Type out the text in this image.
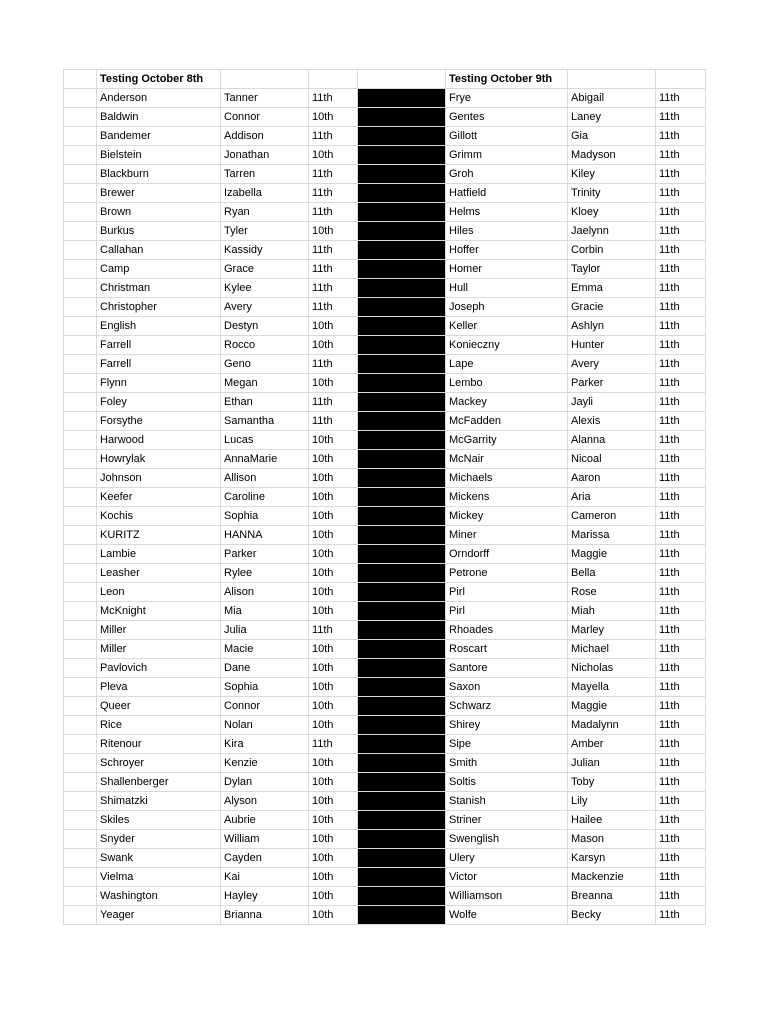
	Testing October 8th				Testing October 9th		
	Anderson	Tanner	11th		Frye	Abigail	11th
	Baldwin	Connor	10th		Gentes	Laney	11th
	Bandemer	Addison	11th		Gillott	Gia	11th
	Bielstein	Jonathan	10th		Grimm	Madyson	11th
	Blackburn	Tarren	11th		Groh	Kiley	11th
	Brewer	Izabella	11th		Hatfield	Trinity	11th
	Brown	Ryan	11th		Helms	Kloey	11th
	Burkus	Tyler	10th		Hiles	Jaelynn	11th
	Callahan	Kassidy	11th		Hoffer	Corbin	11th
	Camp	Grace	11th		Homer	Taylor	11th
	Christman	Kylee	11th		Hull	Emma	11th
	Christopher	Avery	11th		Joseph	Gracie	11th
	English	Destyn	10th		Keller	Ashlyn	11th
	Farrell	Rocco	10th		Konieczny	Hunter	11th
	Farrell	Geno	11th		Lape	Avery	11th
	Flynn	Megan	10th		Lembo	Parker	11th
	Foley	Ethan	11th		Mackey	Jayli	11th
	Forsythe	Samantha	11th		McFadden	Alexis	11th
	Harwood	Lucas	10th		McGarrity	Alanna	11th
	Howrylak	AnnaMarie	10th		McNair	Nicoal	11th
	Johnson	Allison	10th		Michaels	Aaron	11th
	Keefer	Caroline	10th		Mickens	Aria	11th
	Kochis	Sophia	10th		Mickey	Cameron	11th
	KURITZ	HANNA	10th		Miner	Marissa	11th
	Lambie	Parker	10th		Orndorff	Maggie	11th
	Leasher	Rylee	10th		Petrone	Bella	11th
	Leon	Alison	10th		Pirl	Rose	11th
	McKnight	Mia	10th		Pirl	Miah	11th
	Miller	Julia	11th		Rhoades	Marley	11th
	Miller	Macie	10th		Roscart	Michael	11th
	Pavlovich	Dane	10th		Santore	Nicholas	11th
	Pleva	Sophia	10th		Saxon	Mayella	11th
	Queer	Connor	10th		Schwarz	Maggie	11th
	Rice	Nolan	10th		Shirey	Madalynn	11th
	Ritenour	Kira	11th		Sipe	Amber	11th
	Schroyer	Kenzie	10th		Smith	Julian	11th
	Shallenberger	Dylan	10th		Soltis	Toby	11th
	Shimatzki	Alyson	10th		Stanish	Lily	11th
	Skiles	Aubrie	10th		Striner	Hailee	11th
	Snyder	William	10th		Swenglish	Mason	11th
	Swank	Cayden	10th		Ulery	Karsyn	11th
	Vielma	Kai	10th		Victor	Mackenzie	11th
	Washington	Hayley	10th		Williamson	Breanna	11th
	Yeager	Brianna	10th		Wolfe	Becky	11th
